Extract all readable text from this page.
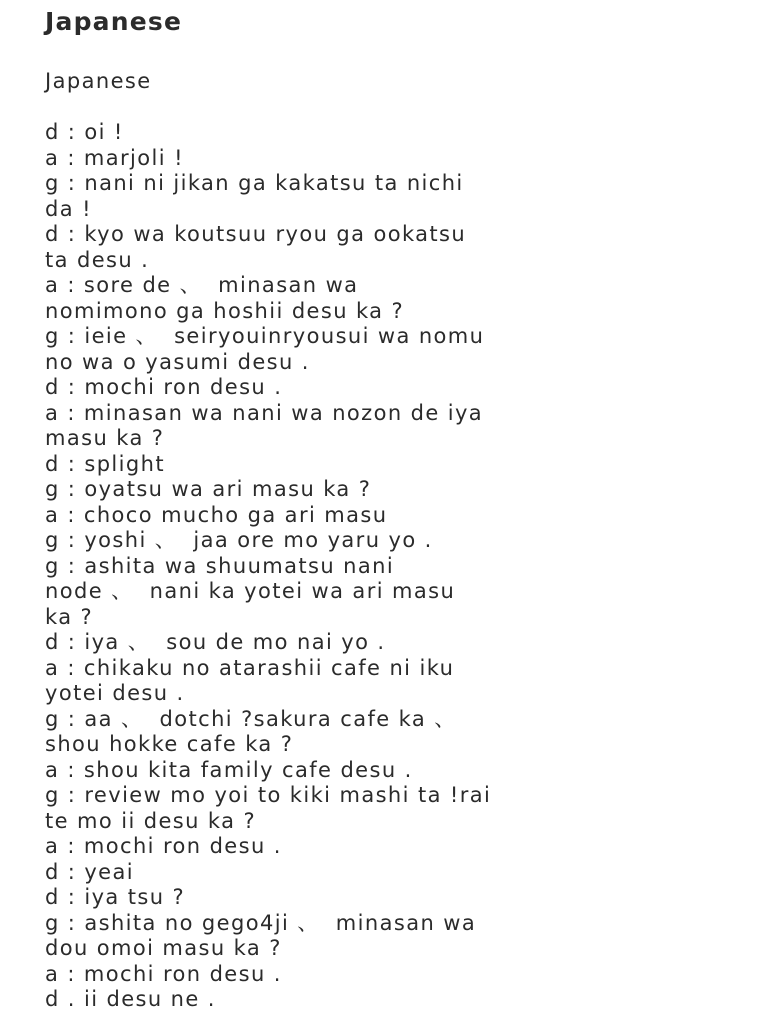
Japanese
Japanese
d : oi !
a : marjoli !
g : nani ni jikan ga kakatsu ta nichi
da !
d : kyo wa koutsuu ryou ga ookatsu
ta desu .
a : sore de 、  minasan wa
nomimono ga hoshii desu ka ?
g : ieie 、  seiryouinryousui wa nomu
no wa o yasumi desu .
d : mochi ron desu .
a : minasan wa nani wa nozon de iya
masu ka ?
d : splight
g : oyatsu wa ari masu ka ?
a : choco mucho ga ari masu
g : yoshi 、  jaa ore mo yaru yo .
g : ashita wa shuumatsu nani
node 、  nani ka yotei wa ari masu
ka ?
d : iya 、  sou de mo nai yo .
a : chikaku no atarashii cafe ni iku
yotei desu .
g : aa 、  dotchi ?sakura cafe ka 、
shou hokke cafe ka ?
a : shou kita family cafe desu .
g : review mo yoi to kiki mashi ta !rai
te mo ii desu ka ?
a : mochi ron desu .
d : yeai
d : iya tsu ?
g : ashita no gego4ji 、  minasan wa
dou omoi masu ka ?
a : mochi ron desu .
d . ii desu ne .
